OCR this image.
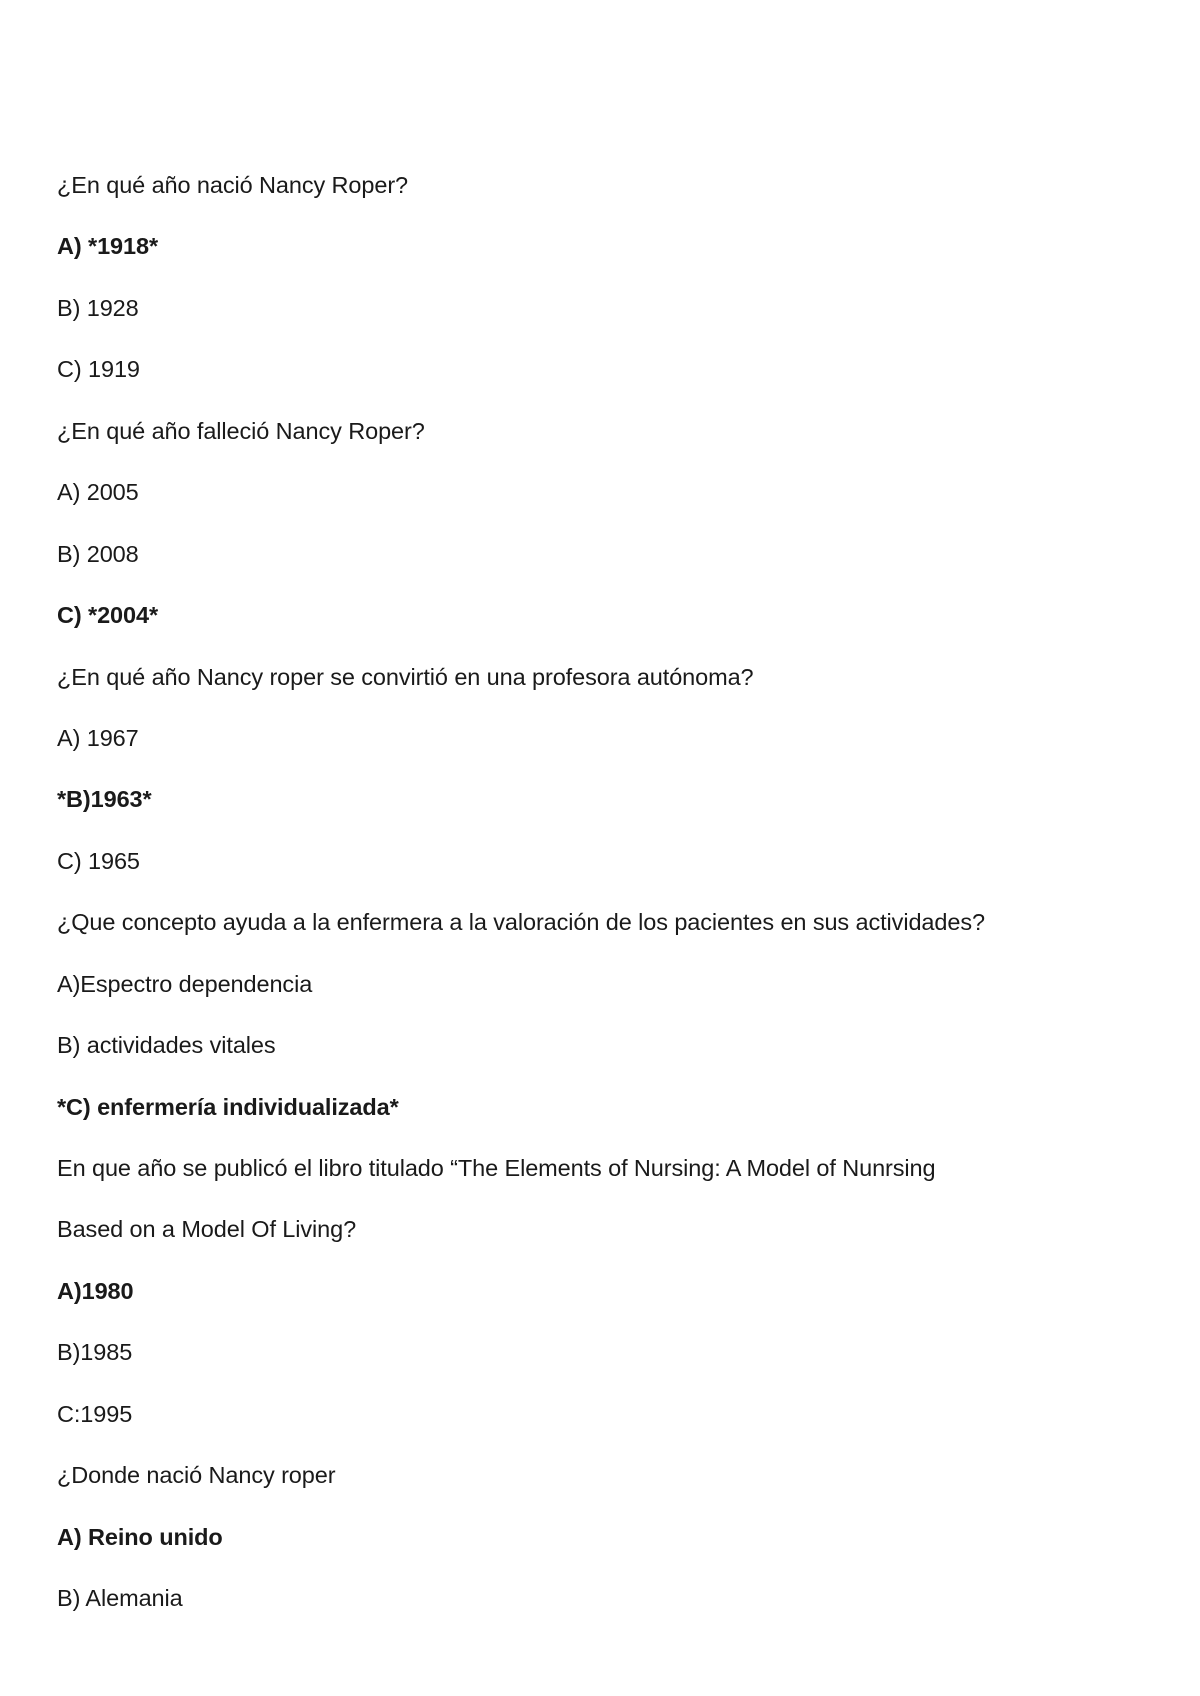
¿En qué año nació Nancy Roper?
A) *1918*
B) 1928
C) 1919
¿En qué año falleció Nancy Roper?
A) 2005
B) 2008
C) *2004*
¿En qué año Nancy roper se convirtió en una profesora autónoma?
A) 1967
*B)1963*
C) 1965
¿Que concepto ayuda a la enfermera a la valoración de los pacientes en sus actividades?
A)Espectro dependencia
B) actividades vitales
*C) enfermería individualizada*
En que año se publicó el libro titulado “The Elements of Nursing: A Model of Nunrsing
Based on a Model Of Living?
A)1980
B)1985
C:1995
¿Donde nació Nancy roper
A) Reino unido
B) Alemania
